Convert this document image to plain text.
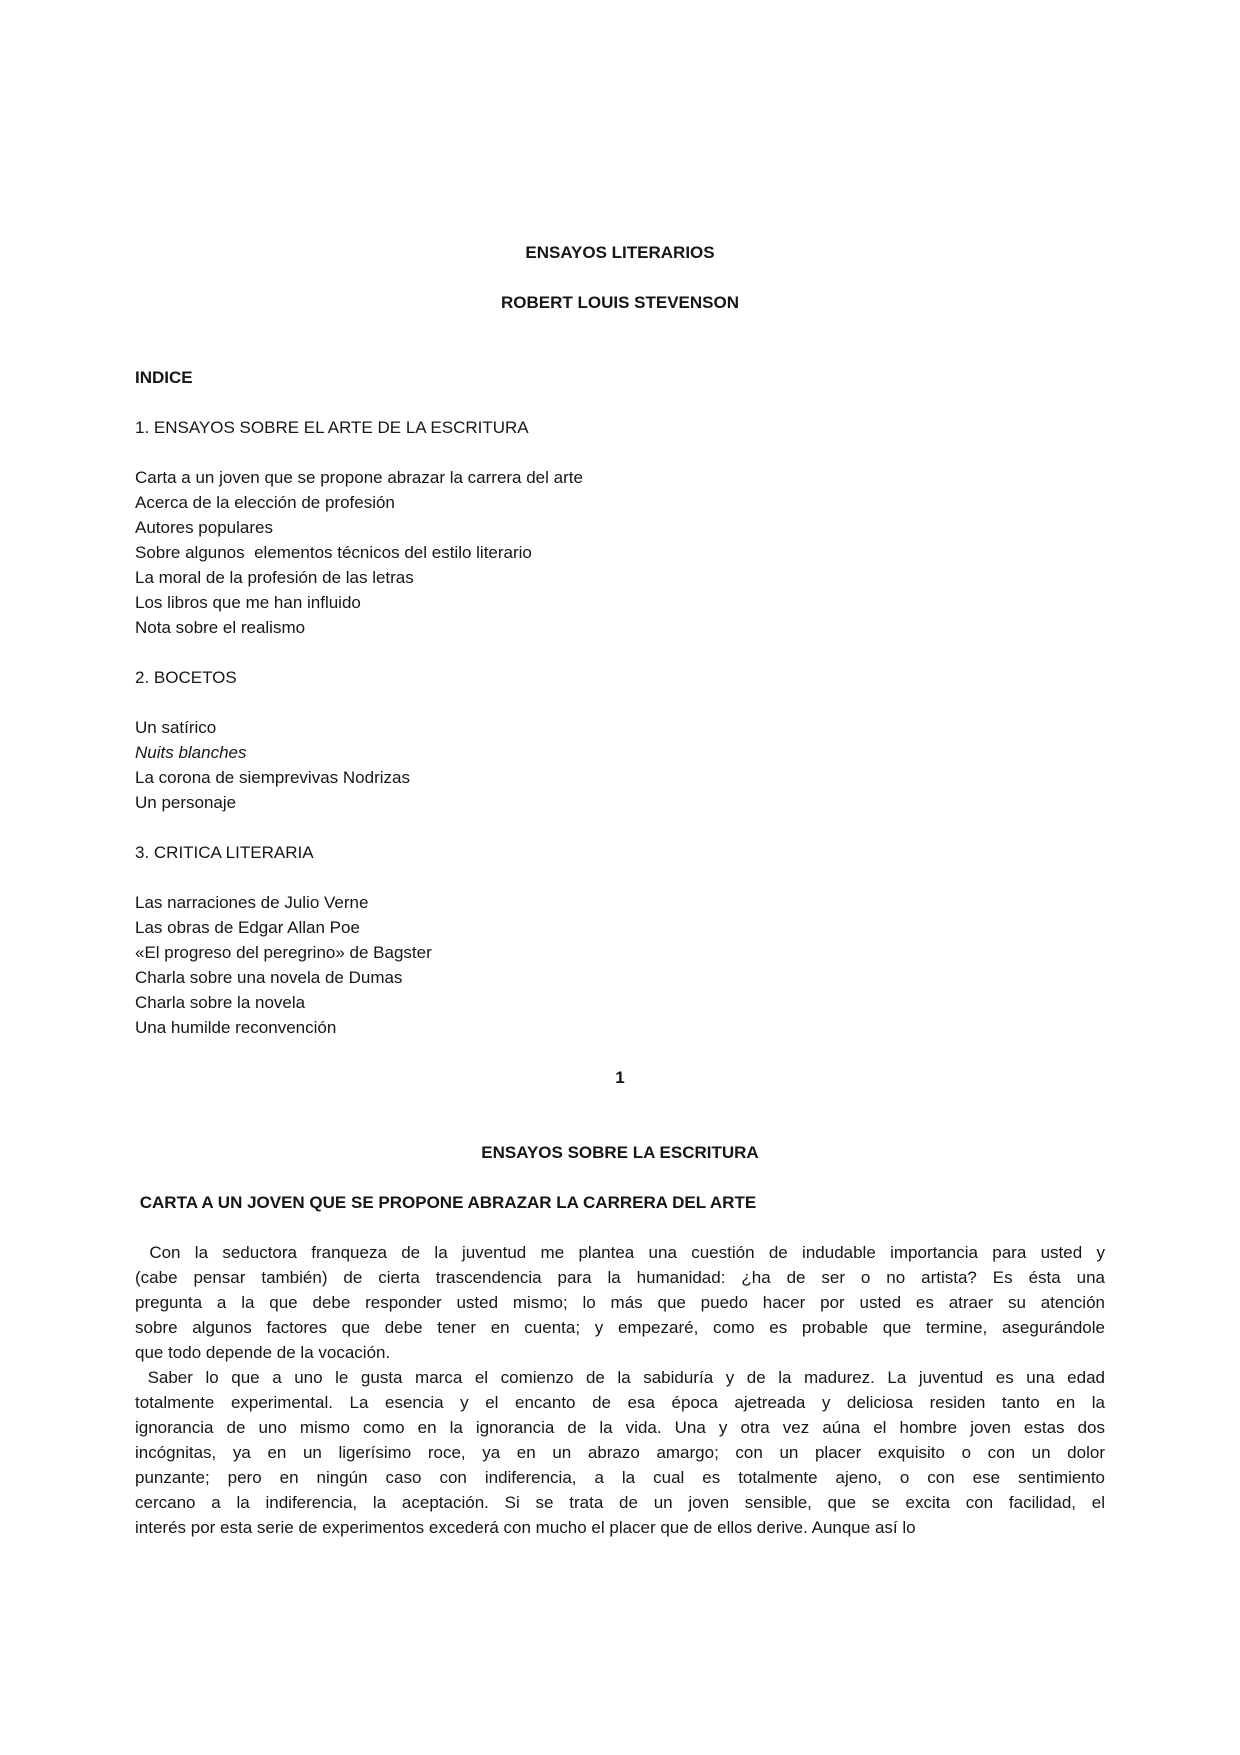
ENSAYOS LITERARIOS
ROBERT LOUIS STEVENSON
INDICE
1. ENSAYOS SOBRE EL ARTE DE LA ESCRITURA
Carta a un joven que se propone abrazar la carrera del arte
Acerca de la elección de profesión
Autores populares
Sobre algunos  elementos técnicos del estilo literario
La moral de la profesión de las letras
Los libros que me han influido
Nota sobre el realismo
2. BOCETOS
Un satírico
Nuits blanches
La corona de siemprevivas Nodrizas
Un personaje
3. CRITICA LITERARIA
Las narraciones de Julio Verne
Las obras de Edgar Allan Poe
«El progreso del peregrino» de Bagster
Charla sobre una novela de Dumas
Charla sobre la novela
Una humilde reconvención
1
ENSAYOS SOBRE LA ESCRITURA
CARTA A UN JOVEN QUE SE PROPONE ABRAZAR LA CARRERA DEL ARTE

Con la seductora franqueza de la juventud me plantea una cuestión de indudable importancia para usted y
(cabe pensar también) de cierta trascendencia para la humanidad: ¿ha de ser o no artista? Es ésta una
pregunta a la que debe responder usted mismo; lo más que puedo hacer por usted es atraer su atención
sobre algunos factores que debe tener en cuenta; y empezaré, como es probable que termine, asegurándole
que todo depende de la vocación.

Saber lo que a uno le gusta marca el comienzo de la sabiduría y de la madurez. La juventud es una edad
totalmente experimental. La esencia y el encanto de esa época ajetreada y deliciosa residen tanto en la
ignorancia de uno mismo como en la ignorancia de la vida. Una y otra vez aúna el hombre joven estas dos
incógnitas, ya en un ligerísimo roce, ya en un abrazo amargo; con un placer exquisito o con un dolor
punzante; pero en ningún caso con indiferencia, a la cual es totalmente ajeno, o con ese sentimiento
cercano a la indiferencia, la aceptación. Si se trata de un joven sensible, que se excita con facilidad, el
interés por esta serie de experimentos excederá con mucho el placer que de ellos derive. Aunque así lo
